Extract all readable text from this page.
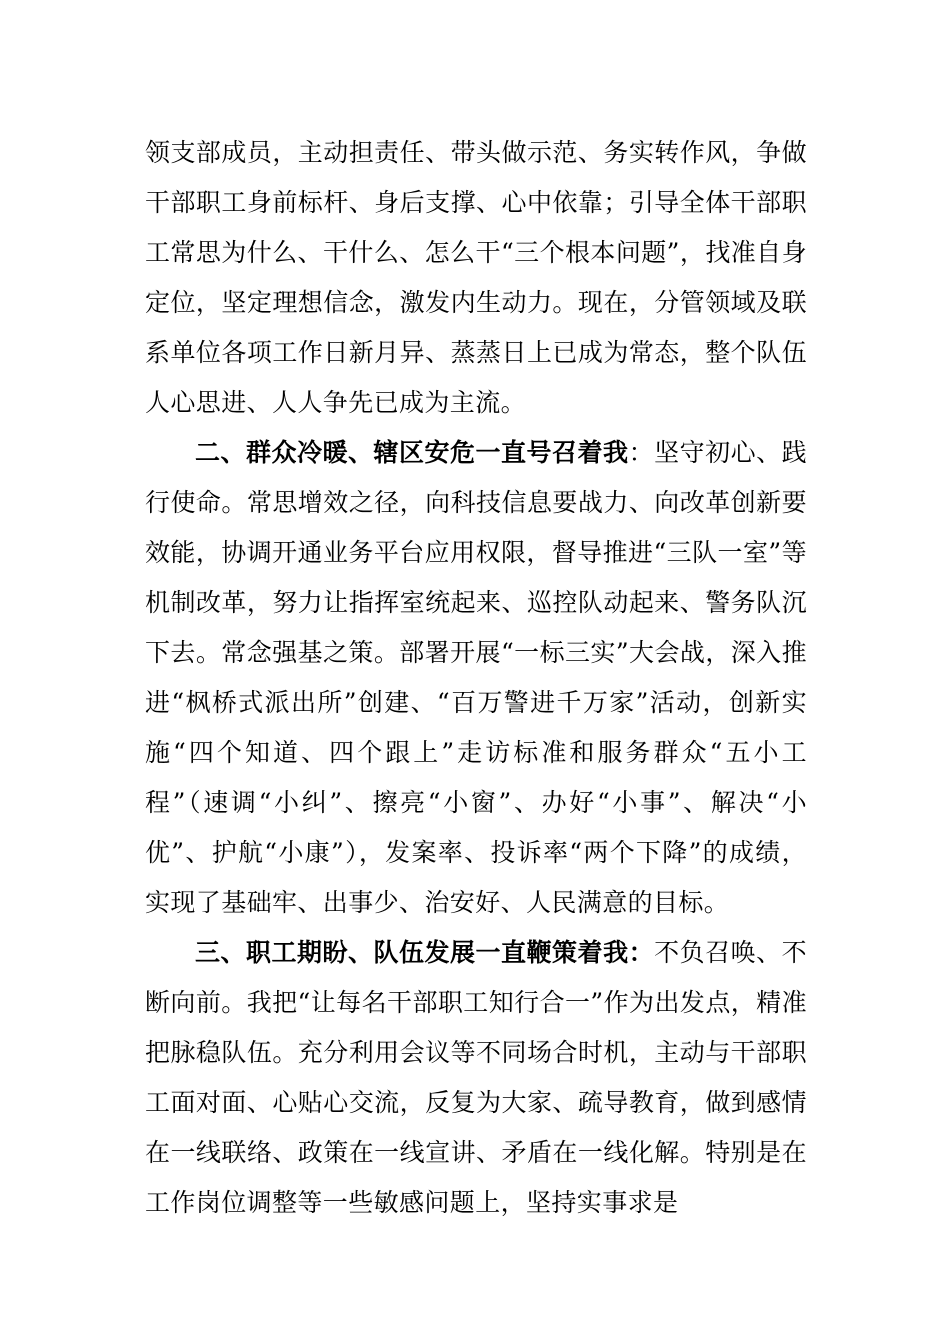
领支部成员，主动担责任、带头做示范、务实转作风，争做干部职工身前标杆、身后支撑、心中依靠；引导全体干部职工常思为什么、干什么、怎么干“三个根本问题”，找准自身定位，坚定理想信念，激发内生动力。现在，分管领域及联系单位各项工作日新月异、蒸蒸日上已成为常态，整个队伍人心思进、人人争先已成为主流。

二、群众冷暖、辖区安危一直号召着我：坚守初心、践行使命。常思增效之径，向科技信息要战力、向改革创新要效能，协调开通业务平台应用权限，督导推进“三队一室”等机制改革，努力让指挥室统起来、巡控队动起来、警务队沉下去。常念强基之策。部署开展“一标三实”大会战，深入推进“枫桥式派出所”创建、“百万警进千万家”活动，创新实施“四个知道、四个跟上”走访标准和服务群众“五小工程”（速调“小纠”、擦亮“小窗”、办好“小事”、解决“小优”、护航“小康”），发案率、投诉率“两个下降”的成绩，实现了基础牢、出事少、治安好、人民满意的目标。

三、职工期盼、队伍发展一直鞭策着我：不负召唤、不断向前。我把“让每名干部职工知行合一”作为出发点，精准把脉稳队伍。充分利用会议等不同场合时机，主动与干部职工面对面、心贴心交流，反复为大家、疏导教育，做到感情在一线联络、政策在一线宣讲、矛盾在一线化解。特别是在工作岗位调整等一些敏感问题上，坚持实事求是
